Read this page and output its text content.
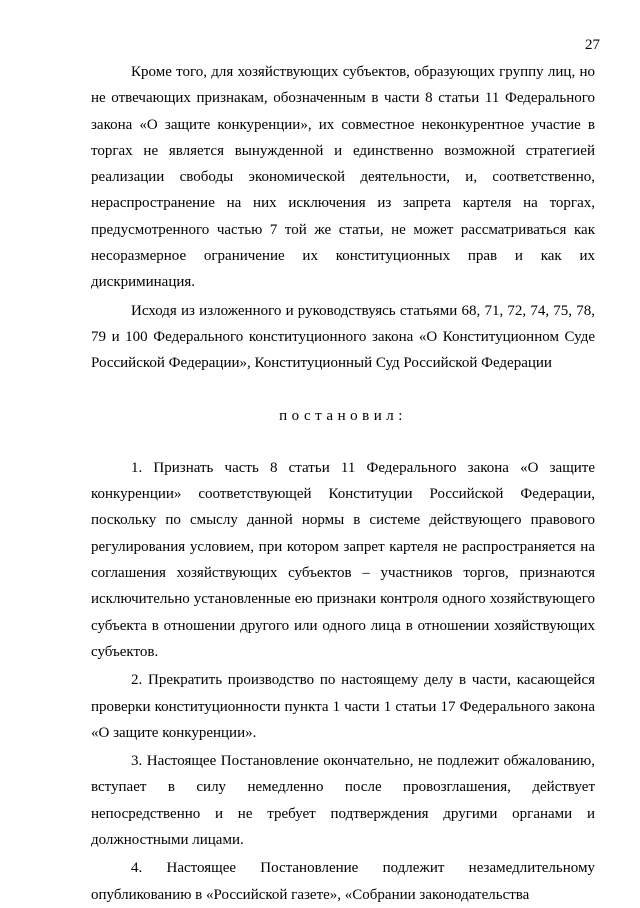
27

Кроме того, для хозяйствующих субъектов, образующих группу лиц, но не отвечающих признакам, обозначенным в части 8 статьи 11 Федерального закона «О защите конкуренции», их совместное неконкурентное участие в торгах не является вынужденной и единственно возможной стратегией реализации свободы экономической деятельности, и, соответственно, нераспространение на них исключения из запрета картеля на торгах, предусмотренного частью 7 той же статьи, не может рассматриваться как несоразмерное ограничение их конституционных прав и как их дискриминация.

Исходя из изложенного и руководствуясь статьями 68, 71, 72, 74, 75, 78, 79 и 100 Федерального конституционного закона «О Конституционном Суде Российской Федерации», Конституционный Суд Российской Федерации

постановил:

1. Признать часть 8 статьи 11 Федерального закона «О защите конкуренции» соответствующей Конституции Российской Федерации, поскольку по смыслу данной нормы в системе действующего правового регулирования условием, при котором запрет картеля не распространяется на соглашения хозяйствующих субъектов – участников торгов, признаются исключительно установленные ею признаки контроля одного хозяйствующего субъекта в отношении другого или одного лица в отношении хозяйствующих субъектов.

2. Прекратить производство по настоящему делу в части, касающейся проверки конституционности пункта 1 части 1 статьи 17 Федерального закона «О защите конкуренции».

3. Настоящее Постановление окончательно, не подлежит обжалованию, вступает в силу немедленно после провозглашения, действует непосредственно и не требует подтверждения другими органами и должностными лицами.

4. Настоящее Постановление подлежит незамедлительному опубликованию в «Российской газете», «Собрании законодательства
